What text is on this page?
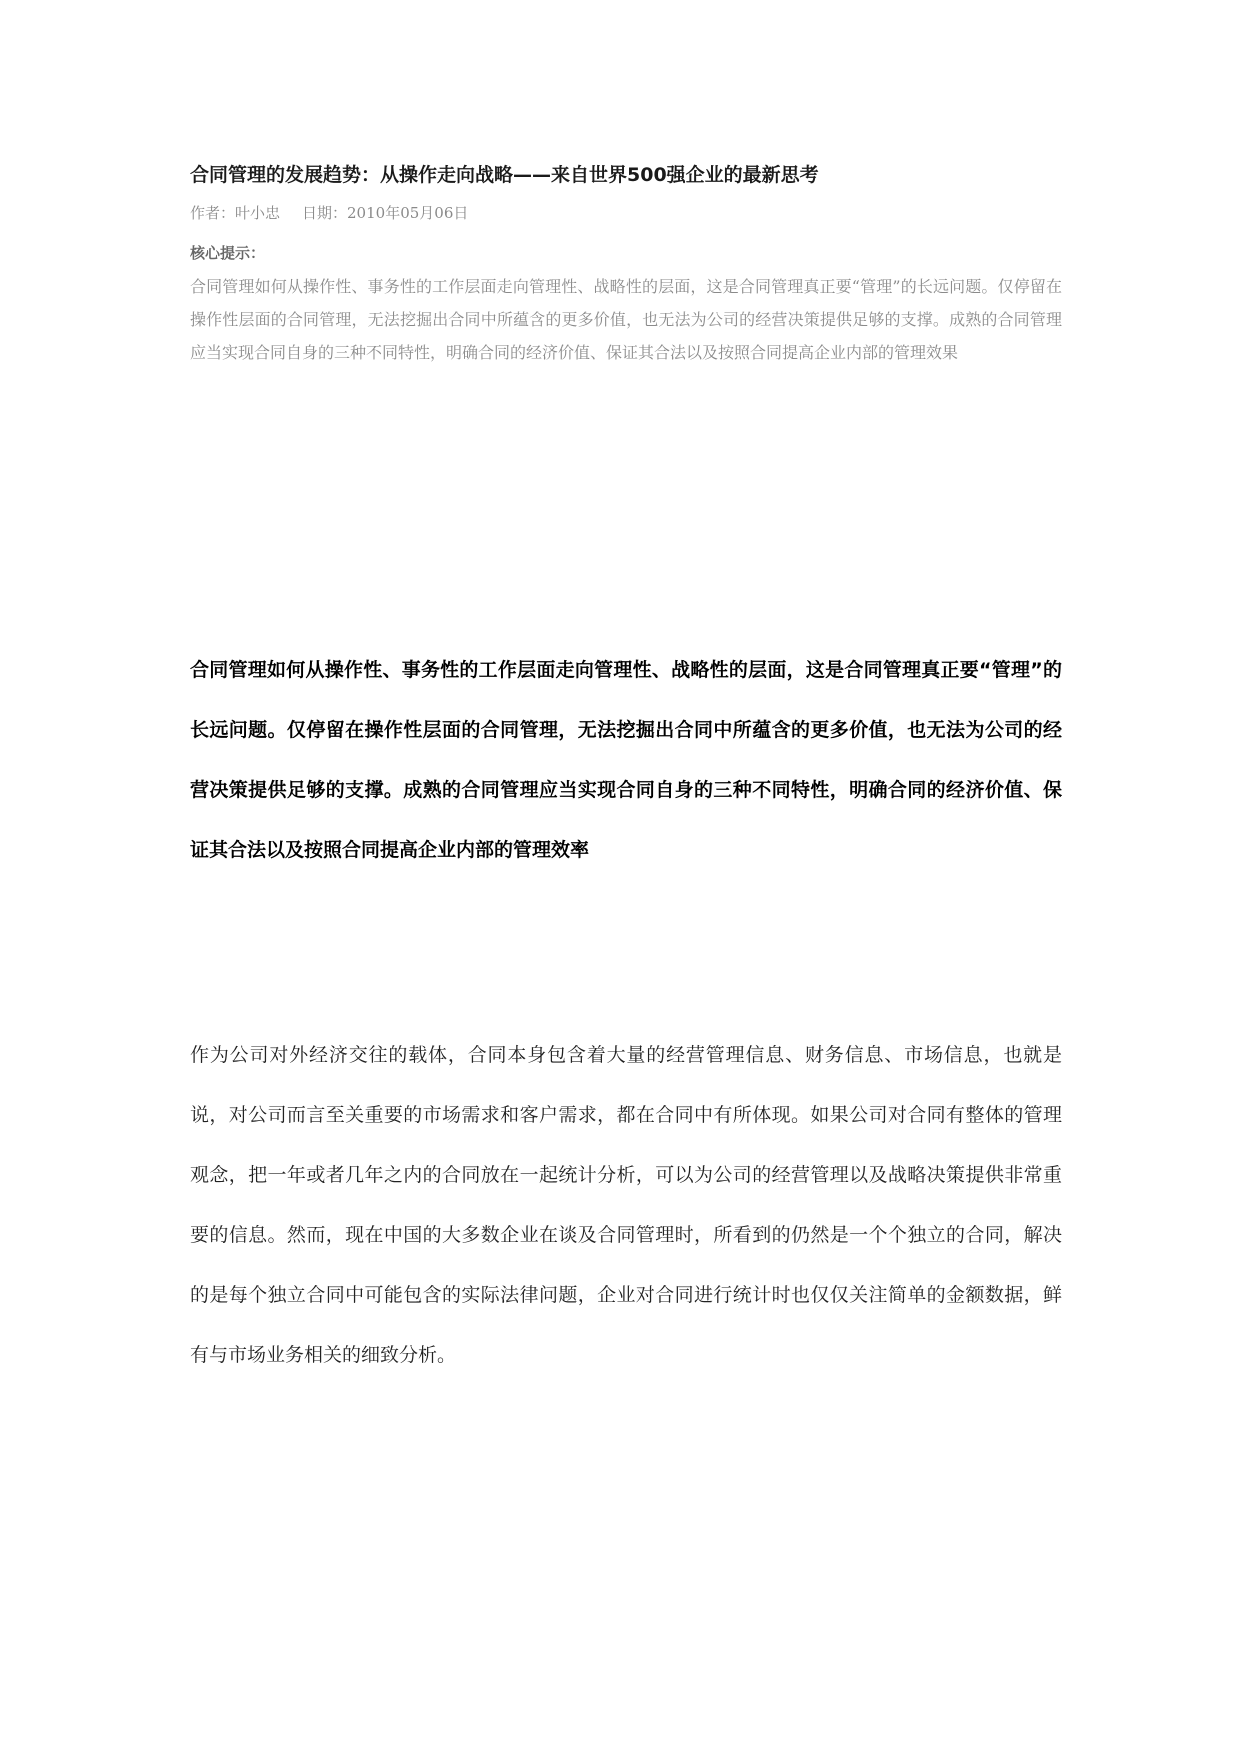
合同管理的发展趋势：从操作走向战略——来自世界500强企业的最新思考
作者：叶小忠 日期：2010年05月06日
核心提示：

合同管理如何从操作性、事务性的工作层面走向管理性、战略性的层面，这是合同管理真正要“管理”的长远问题。仅停留在操作性层面的合同管理，无法挖掘出合同中所蕴含的更多价值，也无法为公司的经营决策提供足够的支撑。成熟的合同管理应当实现合同自身的三种不同特性，明确合同的经济价值、保证其合法以及按照合同提高企业内部的管理效果

合同管理如何从操作性、事务性的工作层面走向管理性、战略性的层面，这是合同管理真正要“管理”的长远问题。仅停留在操作性层面的合同管理，无法挖掘出合同中所蕴含的更多价值，也无法为公司的经营决策提供足够的支撑。成熟的合同管理应当实现合同自身的三种不同特性，明确合同的经济价值、保证其合法以及按照合同提高企业内部的管理效率

作为公司对外经济交往的载体，合同本身包含着大量的经营管理信息、财务信息、市场信息，也就是说，对公司而言至关重要的市场需求和客户需求，都在合同中有所体现。如果公司对合同有整体的管理观念，把一年或者几年之内的合同放在一起统计分析，可以为公司的经营管理以及战略决策提供非常重要的信息。然而，现在中国的大多数企业在谈及合同管理时，所看到的仍然是一个个独立的合同，解决的是每个独立合同中可能包含的实际法律问题，企业对合同进行统计时也仅仅关注简单的金额数据，鲜有与市场业务相关的细致分析。
